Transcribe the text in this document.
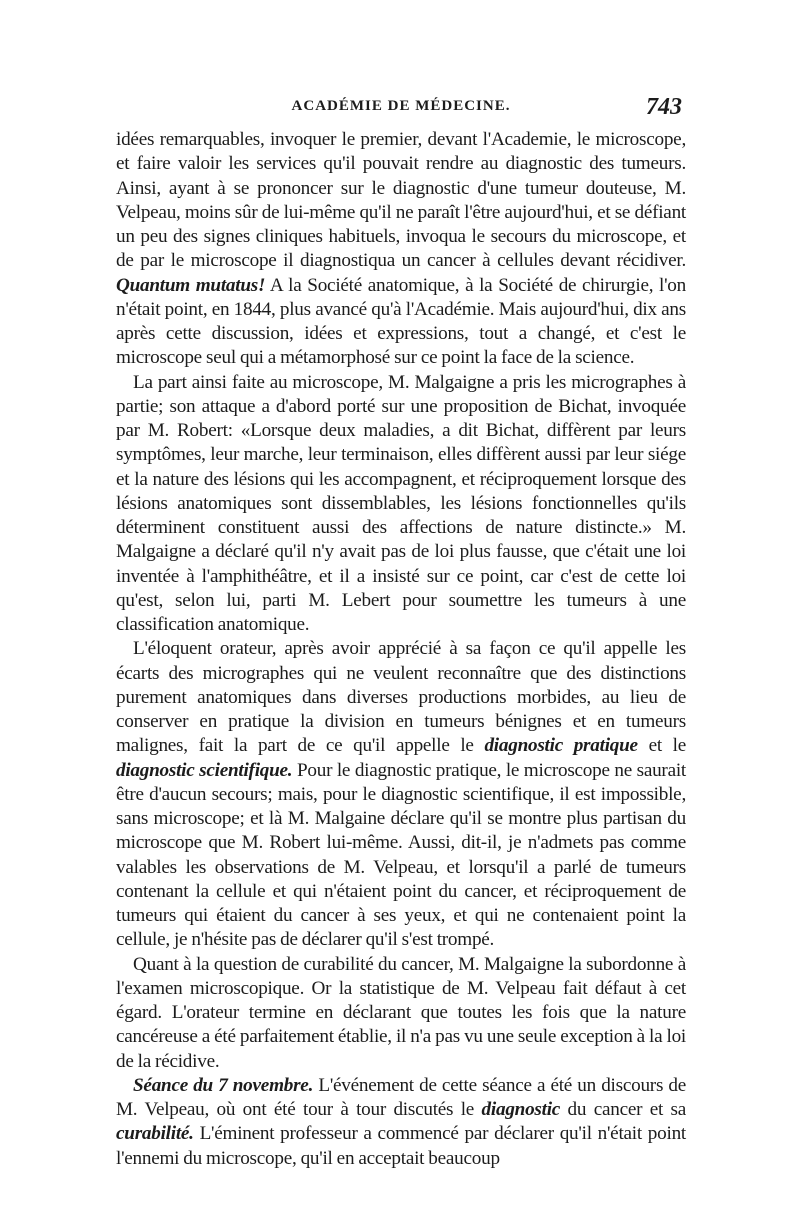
ACADÉMIE DE MÉDECINE.	743

idées remarquables, invoquer le premier, devant l'Academie, le microscope, et faire valoir les services qu'il pouvait rendre au diagnostic des tumeurs. Ainsi, ayant à se prononcer sur le diagnostic d'une tumeur douteuse, M. Velpeau, moins sûr de lui-même qu'il ne paraît l'être aujourd'hui, et se défiant un peu des signes cliniques habituels, invoqua le secours du microscope, et de par le microscope il diagnostiqua un cancer à cellules devant récidiver. Quantum mutatus! A la Société anatomique, à la Société de chirurgie, l'on n'était point, en 1844, plus avancé qu'à l'Académie. Mais aujourd'hui, dix ans après cette discussion, idées et expressions, tout a changé, et c'est le microscope seul qui a métamorphosé sur ce point la face de la science.

La part ainsi faite au microscope, M. Malgaigne a pris les micrographes à partie; son attaque a d'abord porté sur une proposition de Bichat, invoquée par M. Robert: «Lorsque deux maladies, a dit Bichat, diffèrent par leurs symptômes, leur marche, leur terminaison, elles diffèrent aussi par leur siége et la nature des lésions qui les accompagnent, et réciproquement lorsque des lésions anatomiques sont dissemblables, les lésions fonctionnelles qu'ils déterminent constituent aussi des affections de nature distincte.» M. Malgaigne a déclaré qu'il n'y avait pas de loi plus fausse, que c'était une loi inventée à l'amphithéâtre, et il a insisté sur ce point, car c'est de cette loi qu'est, selon lui, parti M. Lebert pour soumettre les tumeurs à une classification anatomique.

L'éloquent orateur, après avoir apprécié à sa façon ce qu'il appelle les écarts des micrographes qui ne veulent reconnaître que des distinctions purement anatomiques dans diverses productions morbides, au lieu de conserver en pratique la division en tumeurs bénignes et en tumeurs malignes, fait la part de ce qu'il appelle le diagnostic pratique et le diagnostic scientifique. Pour le diagnostic pratique, le microscope ne saurait être d'aucun secours; mais, pour le diagnostic scientifique, il est impossible, sans microscope; et là M. Malgaine déclare qu'il se montre plus partisan du microscope que M. Robert lui-même. Aussi, dit-il, je n'admets pas comme valables les observations de M. Velpeau, et lorsqu'il a parlé de tumeurs contenant la cellule et qui n'étaient point du cancer, et réciproquement de tumeurs qui étaient du cancer à ses yeux, et qui ne contenaient point la cellule, je n'hésite pas de déclarer qu'il s'est trompé.

Quant à la question de curabilité du cancer, M. Malgaigne la subordonne à l'examen microscopique. Or la statistique de M. Velpeau fait défaut à cet égard. L'orateur termine en déclarant que toutes les fois que la nature cancéreuse a été parfaitement établie, il n'a pas vu une seule exception à la loi de la récidive.

Séance du 7 novembre. L'événement de cette séance a été un discours de M. Velpeau, où ont été tour à tour discutés le diagnostic du cancer et sa curabilité. L'éminent professeur a commencé par déclarer qu'il n'était point l'ennemi du microscope, qu'il en acceptait beaucoup
